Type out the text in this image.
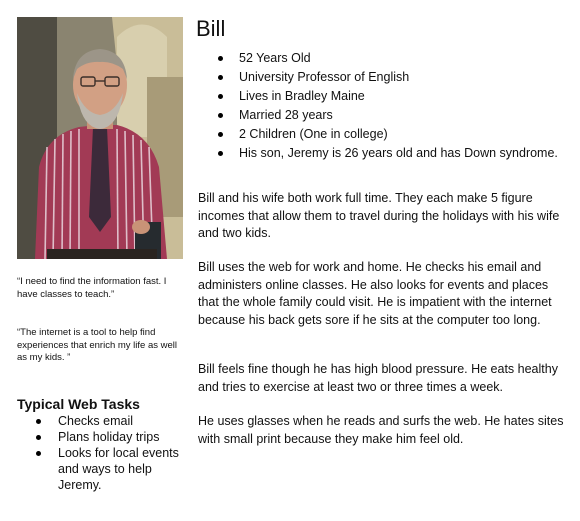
“I need to find the information fast. I have classes to teach.”
“The internet is a tool to help find experiences that enrich my life as well as my kids. ”
Typical Web Tasks
Checks email
Plans holiday trips
Looks for local events and ways to help Jeremy.
Bill
52 Years Old
University Professor of English
Lives in Bradley Maine
Married 28 years
2 Children (One in college)
His son, Jeremy is 26 years old and has Down syndrome.

Bill and his wife both work full time. They each make 5 figure incomes that allow them to travel during the holidays with his wife and two kids.

Bill uses the web for work and home. He checks his email and administers online classes. He also looks for events and places that the whole family could visit. He is impatient with the internet because his back gets sore if he sits at the computer too long.

Bill feels fine though he has high blood pressure. He eats healthy and tries to exercise at least two or three times a week.

He uses glasses when he reads and surfs the web. He hates sites with small print because they make him feel old.
